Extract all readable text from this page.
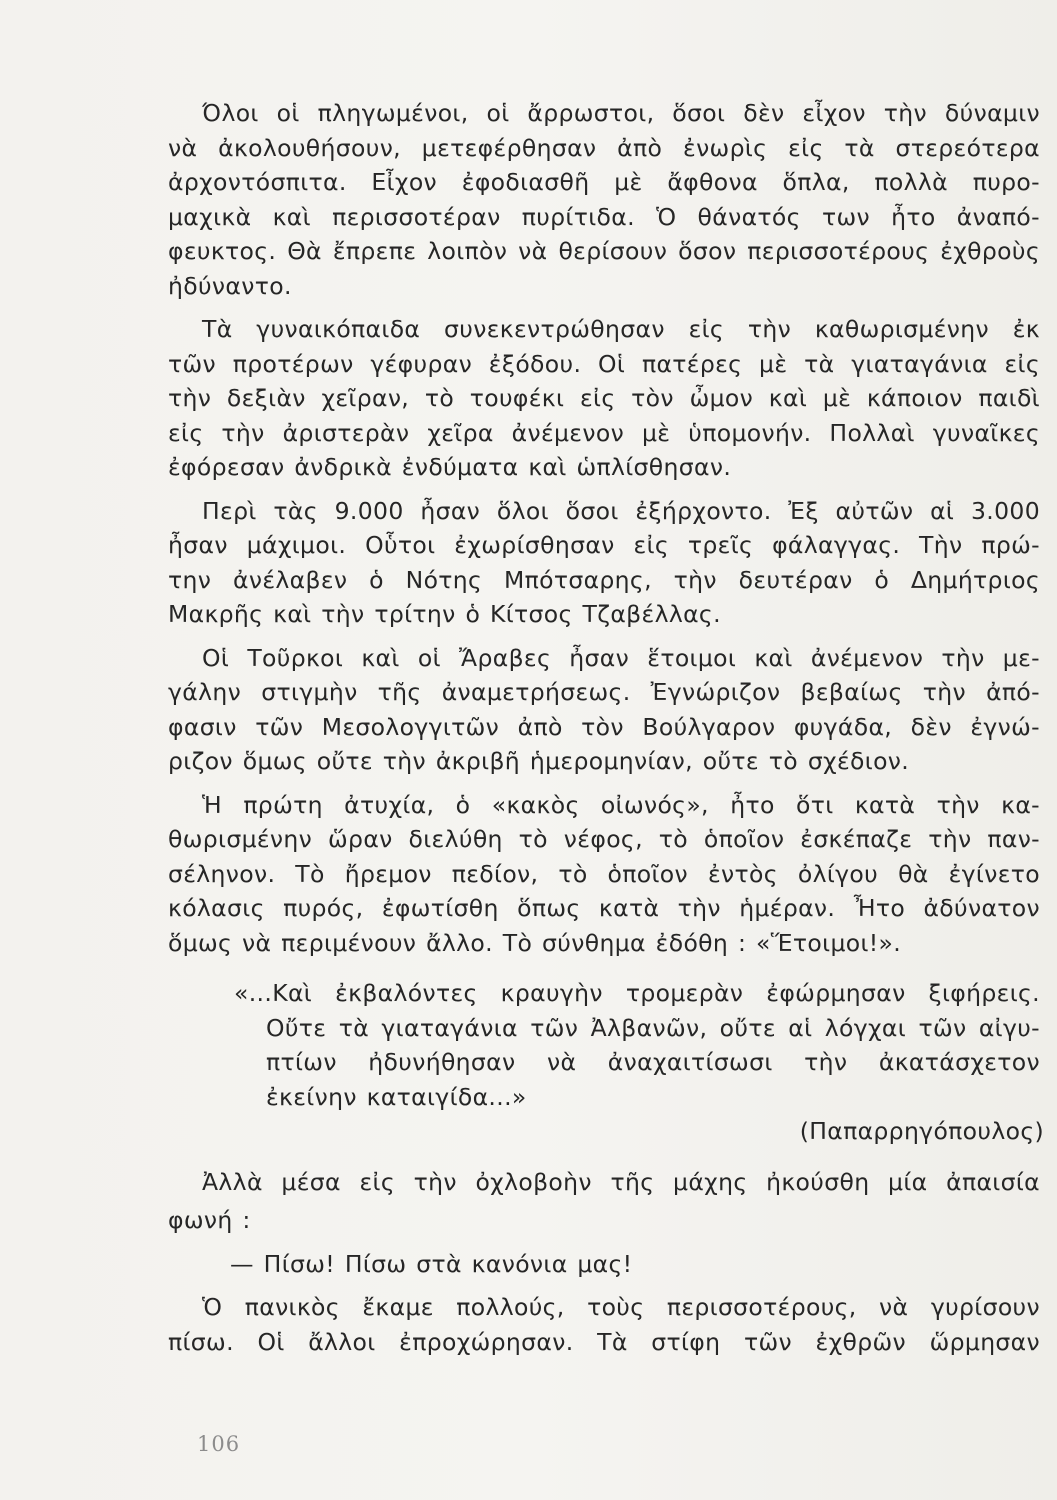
Όλοι οἱ πληγωμένοι, οἱ ἄρρωστοι, ὅσοι δὲν εἶχον τὴν δύναμιν
νὰ ἀκολουθήσουν, μετεφέρθησαν ἀπὸ ἐνωρὶς εἰς τὰ στερεότερα
ἀρχοντόσπιτα. Εἶχον ἐφοδιασθῆ μὲ ἄφθονα ὅπλα, πολλὰ πυρο-
μαχικὰ καὶ περισσοτέραν πυρίτιδα. Ὁ θάνατός των ἦτο ἀναπό-
φευκτος. Θὰ ἔπρεπε λοιπὸν νὰ θερίσουν ὅσον περισσοτέρους ἐχθροὺς
ἠδύναντο.
Τὰ γυναικόπαιδα συνεκεντρώθησαν εἰς τὴν καθωρισμένην ἐκ
τῶν προτέρων γέφυραν ἐξόδου. Οἱ πατέρες μὲ τὰ γιαταγάνια εἰς
τὴν δεξιὰν χεῖραν, τὸ τουφέκι εἰς τὸν ὦμον καὶ μὲ κάποιον παιδὶ
εἰς τὴν ἀριστερὰν χεῖρα ἀνέμενον μὲ ὑπομονήν. Πολλαὶ γυναῖκες
ἐφόρεσαν ἀνδρικὰ ἐνδύματα καὶ ὡπλίσθησαν.
Περὶ τὰς 9.000 ἦσαν ὅλοι ὅσοι ἐξήρχοντο. Ἐξ αὐτῶν αἱ 3.000
ἦσαν μάχιμοι. Οὗτοι ἐχωρίσθησαν εἰς τρεῖς φάλαγγας. Τὴν πρώ-
την ἀνέλαβεν ὁ Νότης Μπότσαρης, τὴν δευτέραν ὁ Δημήτριος
Μακρῆς καὶ τὴν τρίτην ὁ Κίτσος Τζαβέλλας.
Οἱ Τοῦρκοι καὶ οἱ Ἄραβες ἦσαν ἕτοιμοι καὶ ἀνέμενον τὴν με-
γάλην στιγμὴν τῆς ἀναμετρήσεως. Ἐγνώριζον βεβαίως τὴν ἀπό-
φασιν τῶν Μεσολογγιτῶν ἀπὸ τὸν Βούλγαρον φυγάδα, δὲν ἐγνώ-
ριζον ὅμως οὔτε τὴν ἀκριβῆ ἡμερομηνίαν, οὔτε τὸ σχέδιον.
Ἡ πρώτη ἀτυχία, ὁ «κακὸς οἰωνός», ἦτο ὅτι κατὰ τὴν κα-
θωρισμένην ὥραν διελύθη τὸ νέφος, τὸ ὁποῖον ἐσκέπαζε τὴν παν-
σέληνον. Τὸ ἤρεμον πεδίον, τὸ ὁποῖον ἐντὸς ὀλίγου θὰ ἐγίνετο
κόλασις πυρός, ἐφωτίσθη ὅπως κατὰ τὴν ἡμέραν. Ἦτο ἀδύνατον
ὅμως νὰ περιμένουν ἄλλο. Τὸ σύνθημα ἐδόθη : «Ἕτοιμοι!».
«...Καὶ ἐκβαλόντες κραυγὴν τρομερὰν ἐφώρμησαν ξιφήρεις.
Οὔτε τὰ γιαταγάνια τῶν Ἀλβανῶν, οὔτε αἱ λόγχαι τῶν αἰγυ-
πτίων ἠδυνήθησαν νὰ ἀναχαιτίσωσι τὴν ἀκατάσχετον
ἐκείνην καταιγίδα...»
(Παπαρρηγόπουλος)
Ἀλλὰ μέσα εἰς τὴν ὀχλοβοὴν τῆς μάχης ἠκούσθη μία ἀπαισία
φωνή :
— Πίσω! Πίσω στὰ κανόνια μας!
Ὁ πανικὸς ἔκαμε πολλούς, τοὺς περισσοτέρους, νὰ γυρίσουν
πίσω. Οἱ ἄλλοι ἐπροχώρησαν. Τὰ στίφη τῶν ἐχθρῶν ὥρμησαν
106
